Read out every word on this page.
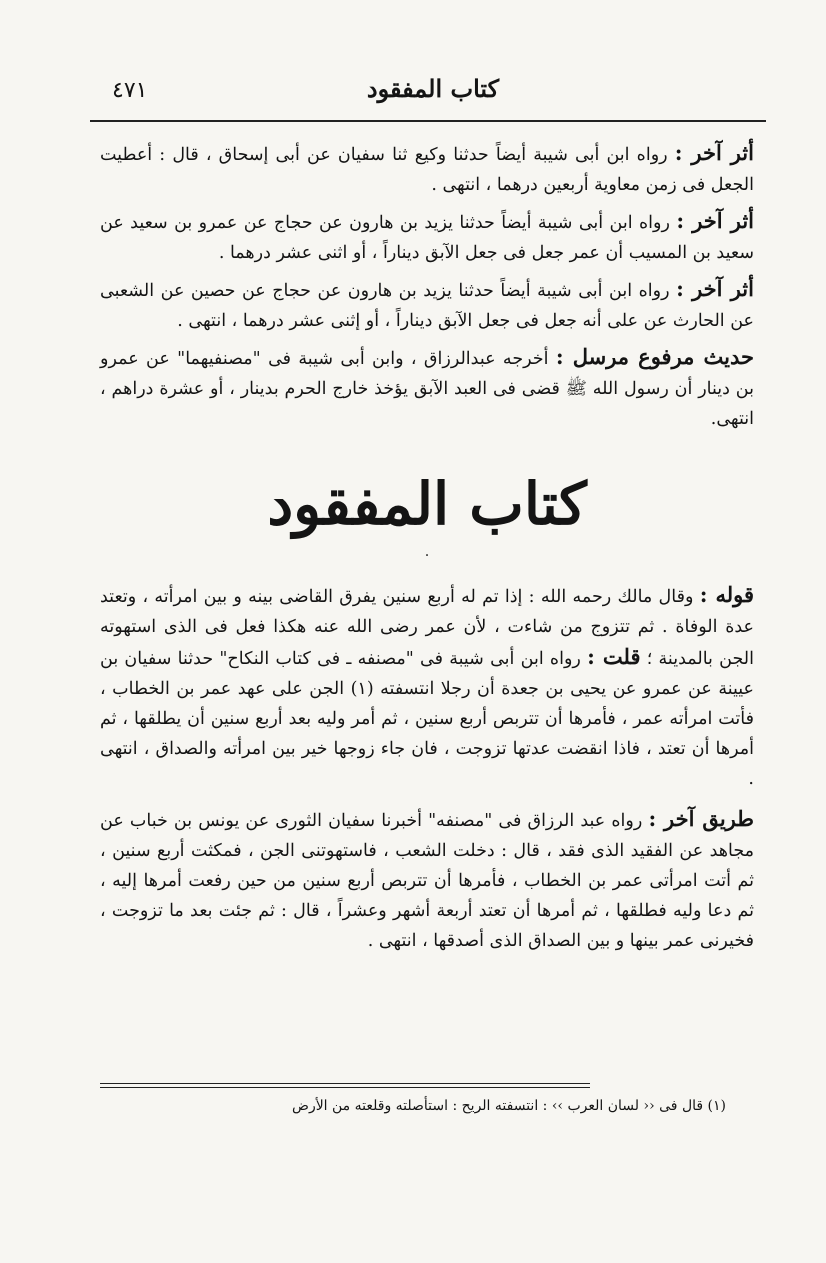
٤٧١	كتاب المفقود

أثر آخر : رواه ابن أبى شيبة أيضاً حدثنا وكيع ثنا سفيان عن أبى إسحاق ، قال : أعطيت الجعل فى زمن معاوية أربعين درهما ، انتهى .

أثر آخر : رواه ابن أبى شيبة أيضاً حدثنا يزيد بن هارون عن حجاج عن عمرو بن سعيد عن سعيد بن المسيب أن عمر جعل فى جعل الآبق ديناراً ، أو اثنى عشر درهما .

أثر آخر : رواه ابن أبى شيبة أيضاً حدثنا يزيد بن هارون عن حجاج عن حصين عن الشعبى عن الحارث عن على أنه جعل فى جعل الآبق ديناراً ، أو إثنى عشر درهما ، انتهى .

حديث مرفوع مرسل : أخرجه عبدالرزاق ، وابن أبى شيبة فى "مصنفيهما" عن عمرو بن دينار أن رسول الله ﷺ قضى فى العبد الآبق يؤخذ خارج الحرم بدينار ، أو عشرة دراهم ، انتهى.

كتاب المفقود
٠

قوله : وقال مالك رحمه الله : إذا تم له أربع سنين يفرق القاضى بينه و بين امرأته ، وتعتد عدة الوفاة . ثم تتزوج من شاءت ، لأن عمر رضى الله عنه هكذا فعل فى الذى استهوته الجن بالمدينة ؛ قلت : رواه ابن أبى شيبة فى "مصنفه ـ فى كتاب النكاح" حدثنا سفيان بن عيينة عن عمرو عن يحيى بن جعدة أن رجلا انتسفته (١) الجن على عهد عمر بن الخطاب ، فأتت امرأته عمر ، فأمرها أن تتربص أربع سنين ، ثم أمر وليه بعد أربع سنين أن يطلقها ، ثم أمرها أن تعتد ، فاذا انقضت عدتها تزوجت ، فان جاء زوجها خير بين امرأته والصداق ، انتهى .

طريق آخر : رواه عبد الرزاق فى "مصنفه" أخبرنا سفيان الثورى عن يونس بن خباب عن مجاهد عن الفقيد الذى فقد ، قال : دخلت الشعب ، فاستهوتنى الجن ، فمكثت أربع سنين ، ثم أتت امرأتى عمر بن الخطاب ، فأمرها أن تتربص أربع سنين من حين رفعت أمرها إليه ، ثم دعا وليه فطلقها ، ثم أمرها أن تعتد أربعة أشهر وعشراً ، قال : ثم جئت بعد ما تزوجت ، فخيرنى عمر بينها و بين الصداق الذى أصدقها ، انتهى .

(١) قال فى ‹‹ لسان العرب ›› : انتسفته الريح : استأصلته وقلعته من الأرض
